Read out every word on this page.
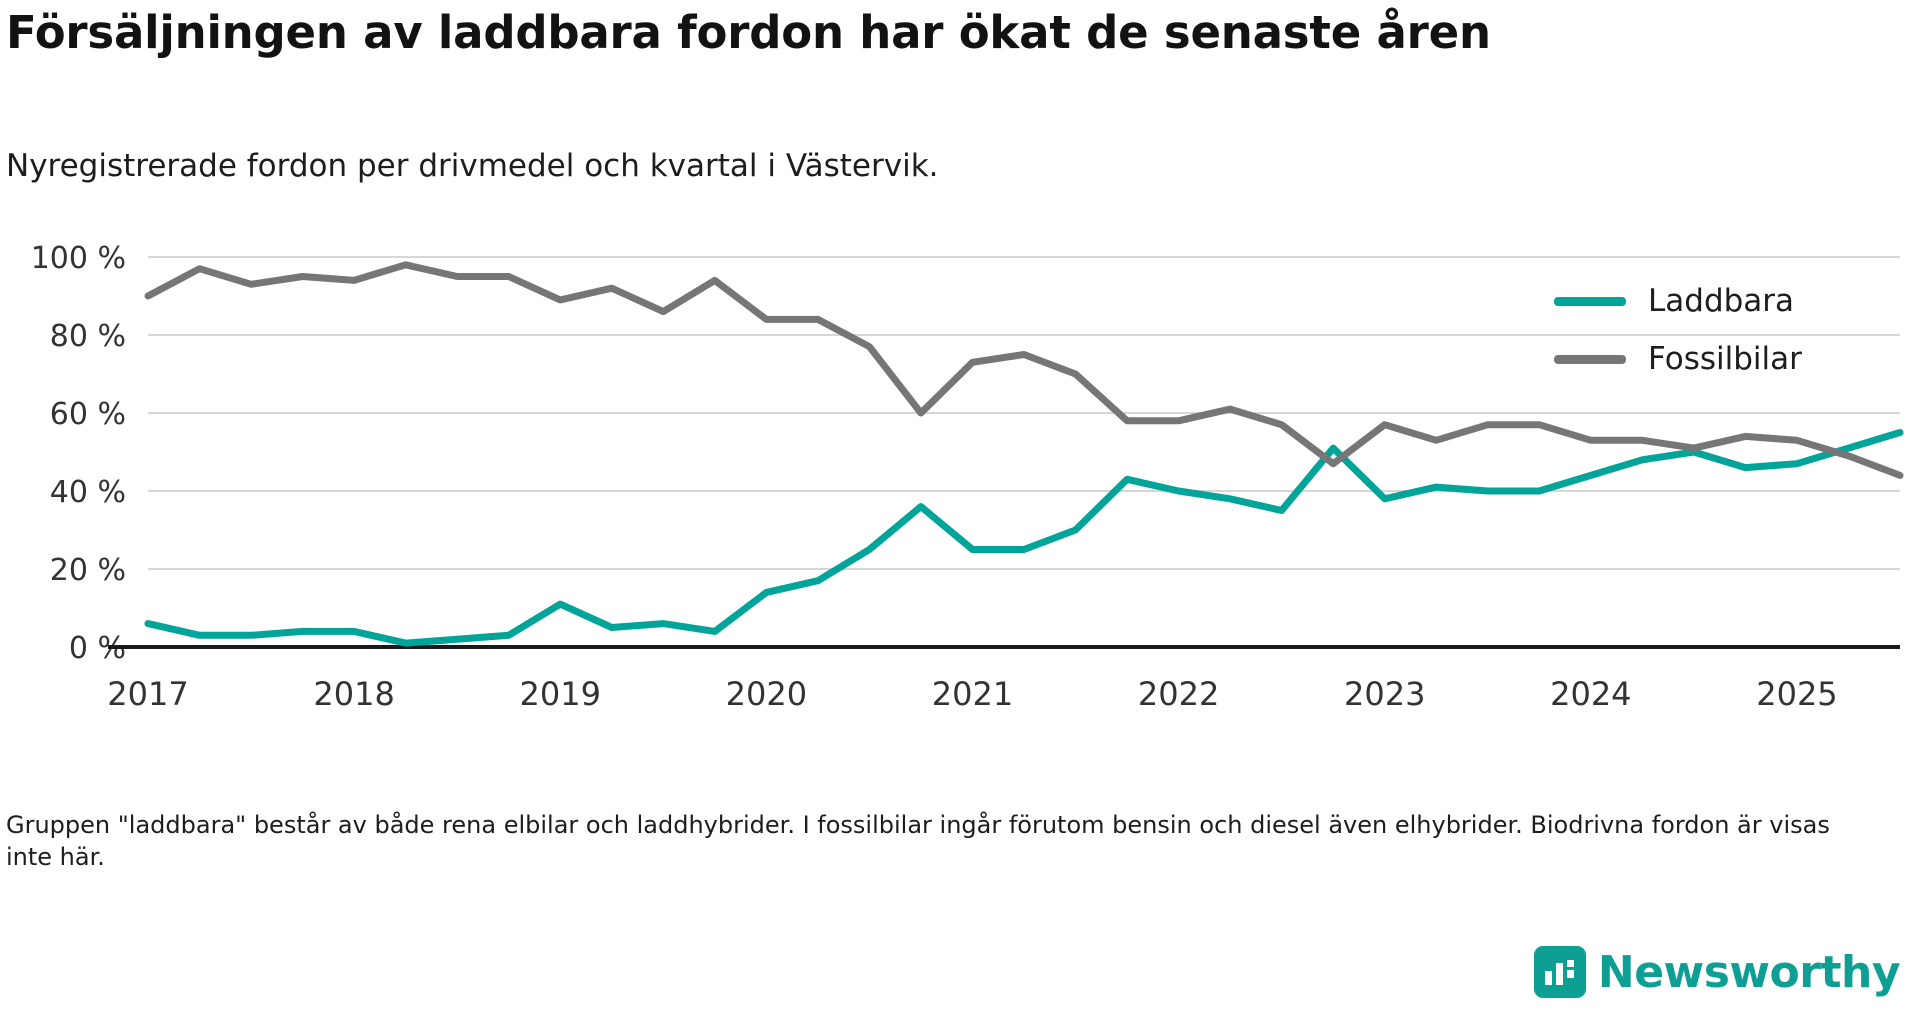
Försäljningen av laddbara fordon har ökat de senaste åren
Nyregistrerade fordon per drivmedel och kvartal i Västervik.
0 %
20 %
40 %
60 %
80 %
100 %
2017	2018	2019	2020	2021	2022	2023	2024	2025
Laddbara
Fossilbilar
Gruppen "laddbara" består av både rena elbilar och laddhybrider. I fossilbilar ingår förutom bensin och diesel även elhybrider. Biodrivna fordon är visas inte här.
Newsworthy
